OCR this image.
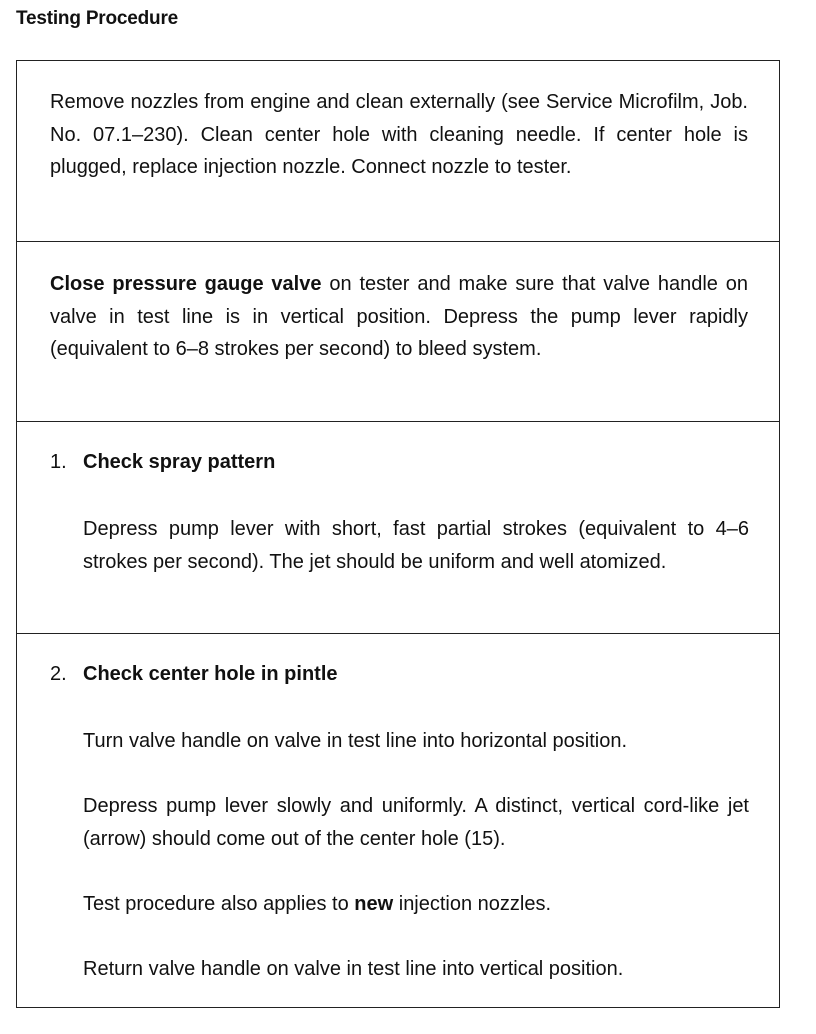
Testing Procedure

Remove nozzles from engine and clean externally (see Service Microfilm, Job. No. 07.1–230). Clean center hole with cleaning needle. If center hole is plugged, replace injection nozzle. Connect nozzle to tester.

Close pressure gauge valve on tester and make sure that valve handle on valve in test line is in vertical position. Depress the pump lever rapidly (equivalent to 6–8 strokes per second) to bleed system.

1. Check spray pattern

Depress pump lever with short, fast partial strokes (equivalent to 4–6 strokes per second). The jet should be uniform and well atomized.

2. Check center hole in pintle

Turn valve handle on valve in test line into horizontal position.

Depress pump lever slowly and uniformly. A distinct, vertical cord-like jet (arrow) should come out of the center hole (15).

Test procedure also applies to new injection nozzles.

Return valve handle on valve in test line into vertical position.
